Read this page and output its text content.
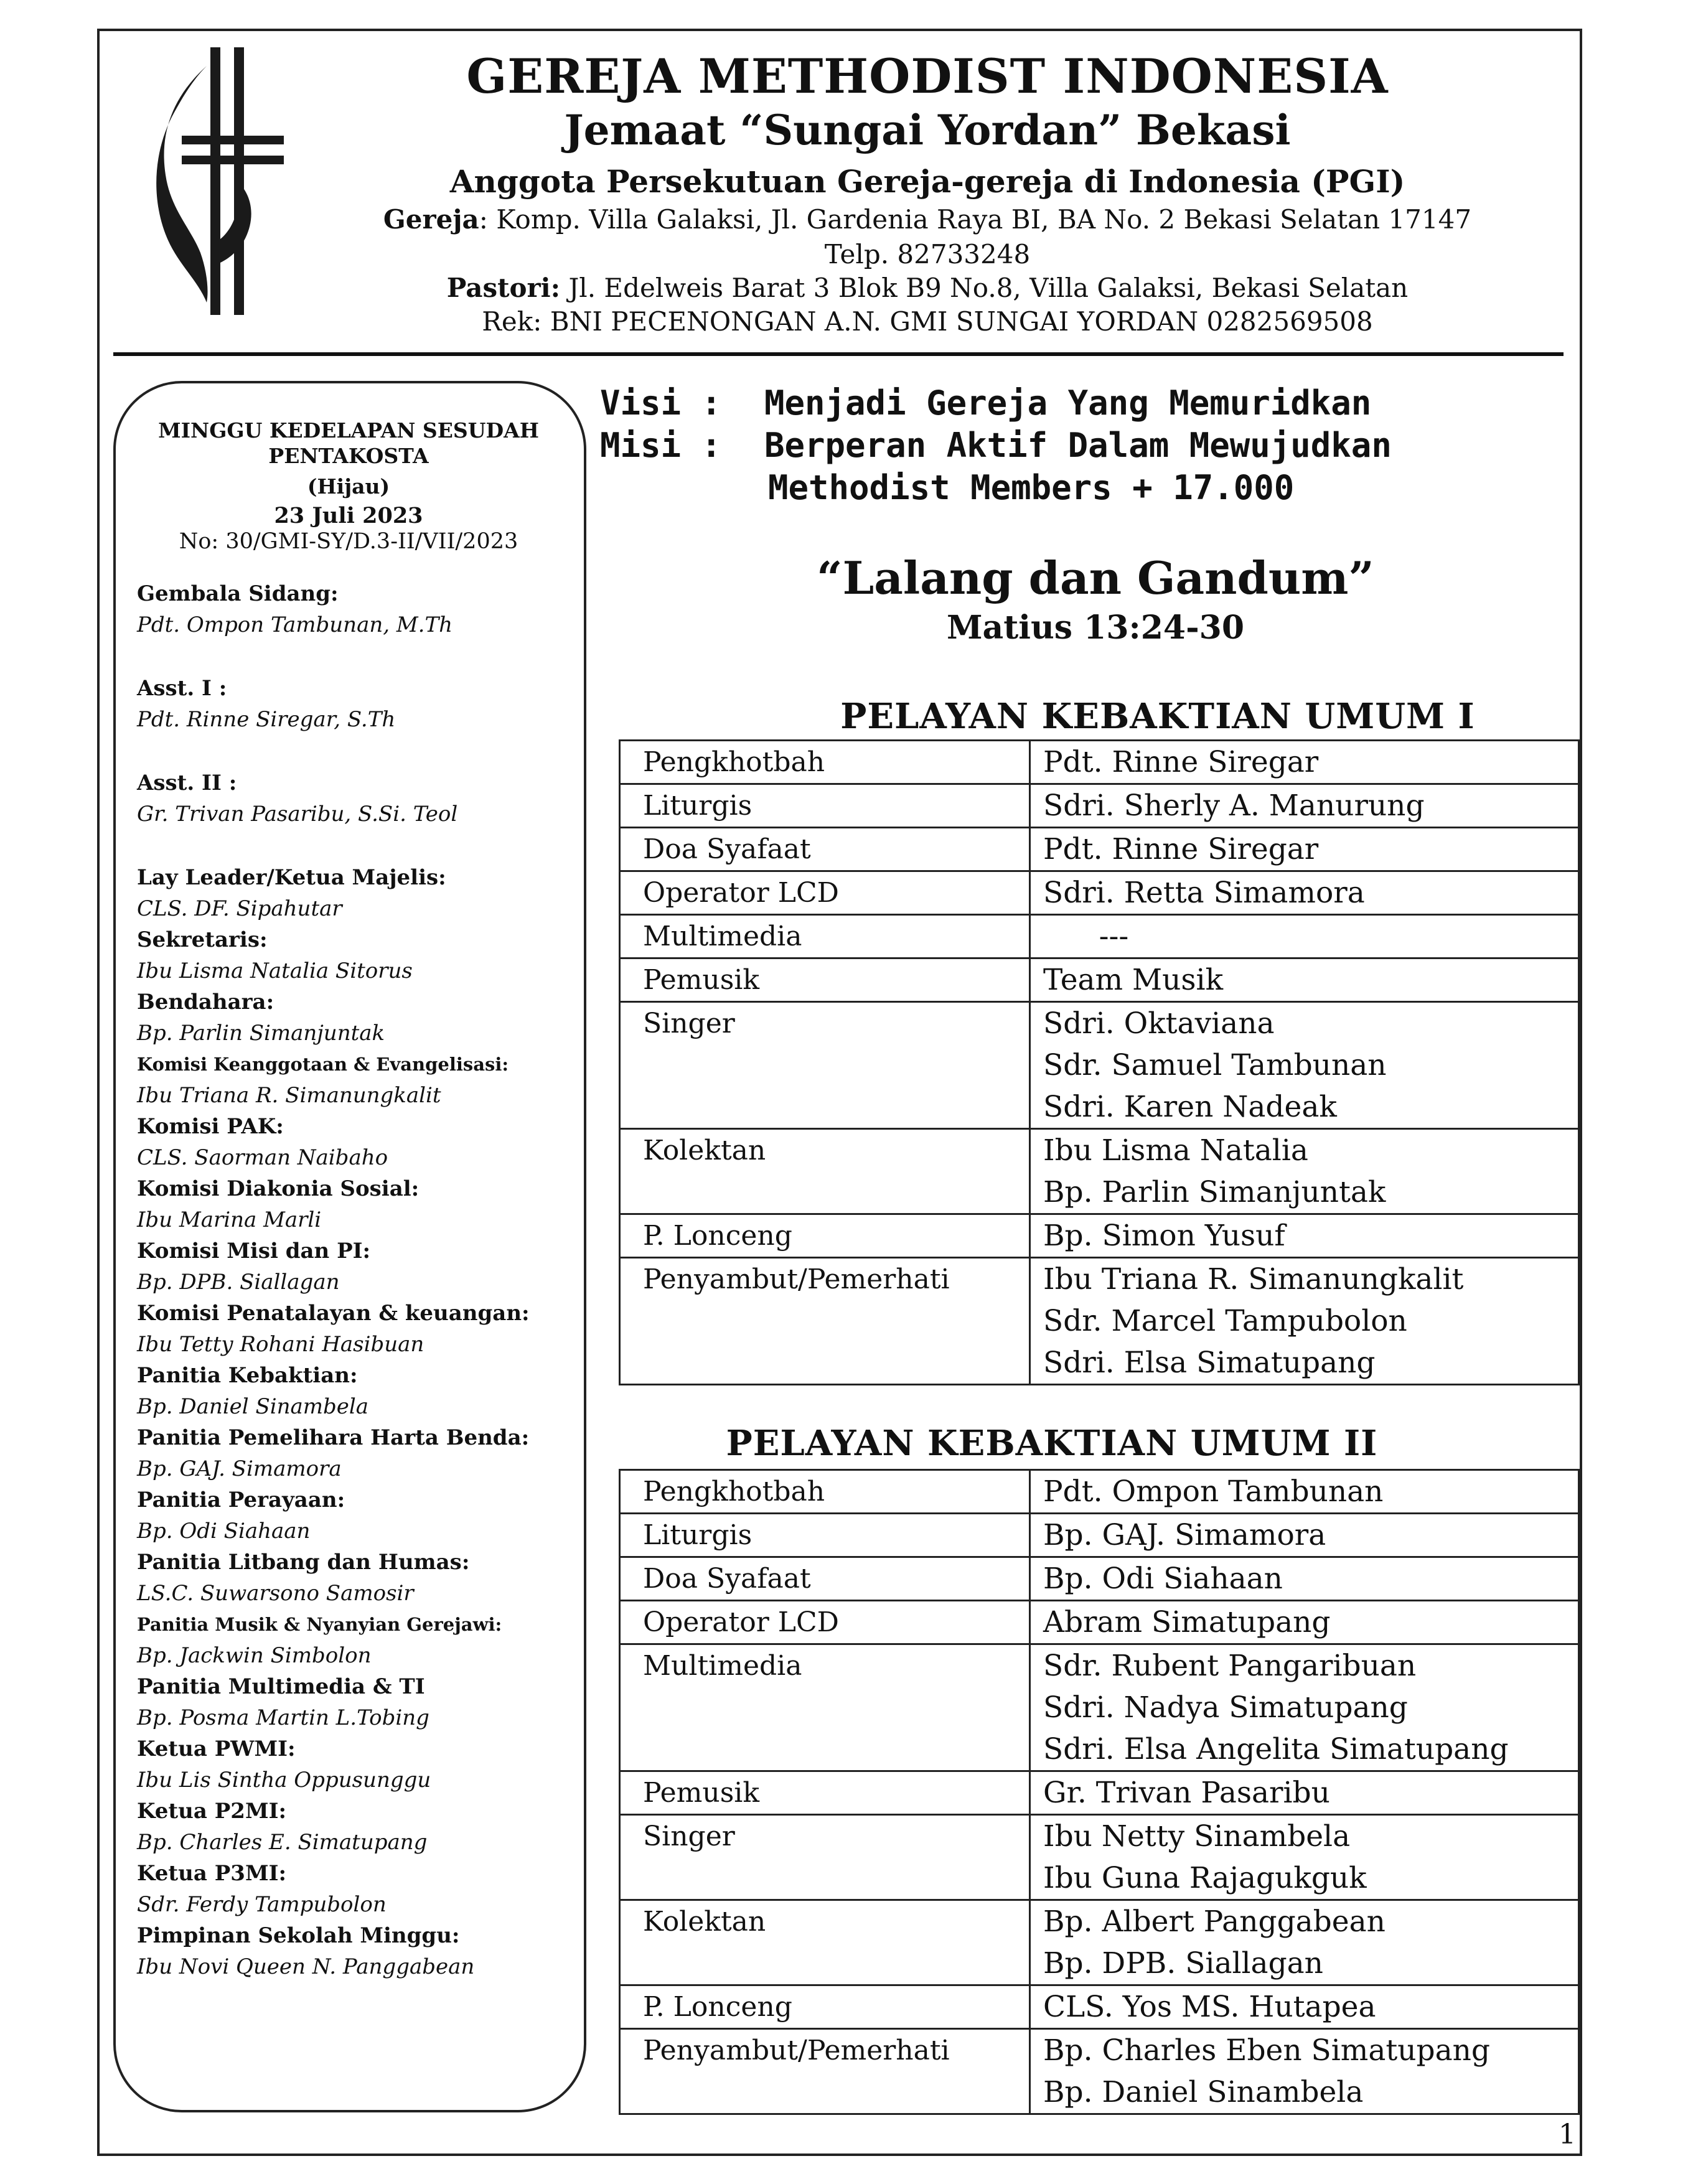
GEREJA METHODIST INDONESIA
Jemaat “Sungai Yordan” Bekasi
Anggota Persekutuan Gereja-gereja di Indonesia (PGI)
Gereja: Komp. Villa Galaksi, Jl. Gardenia Raya BI, BA No. 2 Bekasi Selatan 17147
Telp. 82733248
Pastori: Jl. Edelweis Barat 3 Blok B9 No.8, Villa Galaksi, Bekasi Selatan
Rek: BNI PECENONGAN A.N. GMI SUNGAI YORDAN 0282569508
MINGGU KEDELAPAN SESUDAH
PENTAKOSTA
(Hijau)
23 Juli 2023
No: 30/GMI-SY/D.3-II/VII/2023
Gembala Sidang:
Pdt. Ompon Tambunan, M.Th
Asst. I :
Pdt. Rinne Siregar, S.Th
Asst. II :
Gr. Trivan Pasaribu, S.Si. Teol
Lay Leader/Ketua Majelis:
CLS. DF. Sipahutar
Sekretaris:
Ibu Lisma Natalia Sitorus
Bendahara:
Bp. Parlin Simanjuntak
Komisi Keanggotaan & Evangelisasi:
Ibu Triana R. Simanungkalit
Komisi PAK:
CLS. Saorman Naibaho
Komisi Diakonia Sosial:
Ibu Marina Marli
Komisi Misi dan PI:
Bp. DPB. Siallagan
Komisi Penatalayan & keuangan:
Ibu Tetty Rohani Hasibuan
Panitia Kebaktian:
Bp. Daniel Sinambela
Panitia Pemelihara Harta Benda:
Bp. GAJ. Simamora
Panitia Perayaan:
Bp. Odi Siahaan
Panitia Litbang dan Humas:
LS.C. Suwarsono Samosir
Panitia Musik & Nyanyian Gerejawi:
Bp. Jackwin Simbolon
Panitia Multimedia & TI
Bp. Posma Martin L.Tobing
Ketua PWMI:
Ibu Lis Sintha Oppusunggu
Ketua P2MI:
Bp. Charles E. Simatupang
Ketua P3MI:
Sdr. Ferdy Tampubolon
Pimpinan Sekolah Minggu:
Ibu Novi Queen N. Panggabean
Visi : Menjadi Gereja Yang Memuridkan
Misi : Berperan Aktif Dalam Mewujudkan
Methodist Members + 17.000
“Lalang dan Gandum”
Matius 13:24-30
PELAYAN KEBAKTIAN UMUM I
Pengkhotbah	Pdt. Rinne Siregar

Liturgis	Sdri. Sherly A. Manurung

Doa Syafaat	Pdt. Rinne Siregar

Operator LCD	Sdri. Retta Simamora

Multimedia	---

Pemusik	Team Musik

Singer	Sdri. Oktaviana
Sdr. Samuel Tambunan
Sdri. Karen Nadeak

Kolektan	Ibu Lisma Natalia
Bp. Parlin Simanjuntak

P. Lonceng	Bp. Simon Yusuf

Penyambut/Pemerhati	Ibu Triana R. Simanungkalit
Sdr. Marcel Tampubolon
Sdri. Elsa Simatupang
PELAYAN KEBAKTIAN UMUM II
Pengkhotbah	Pdt. Ompon Tambunan

Liturgis	Bp. GAJ. Simamora

Doa Syafaat	Bp. Odi Siahaan

Operator LCD	Abram Simatupang

Multimedia	Sdr. Rubent Pangaribuan
Sdri. Nadya Simatupang
Sdri. Elsa Angelita Simatupang

Pemusik	Gr. Trivan Pasaribu

Singer	Ibu Netty Sinambela
Ibu Guna Rajagukguk

Kolektan	Bp. Albert Panggabean
Bp. DPB. Siallagan

P. Lonceng	CLS. Yos MS. Hutapea

Penyambut/Pemerhati	Bp. Charles Eben Simatupang
Bp. Daniel Sinambela
1
